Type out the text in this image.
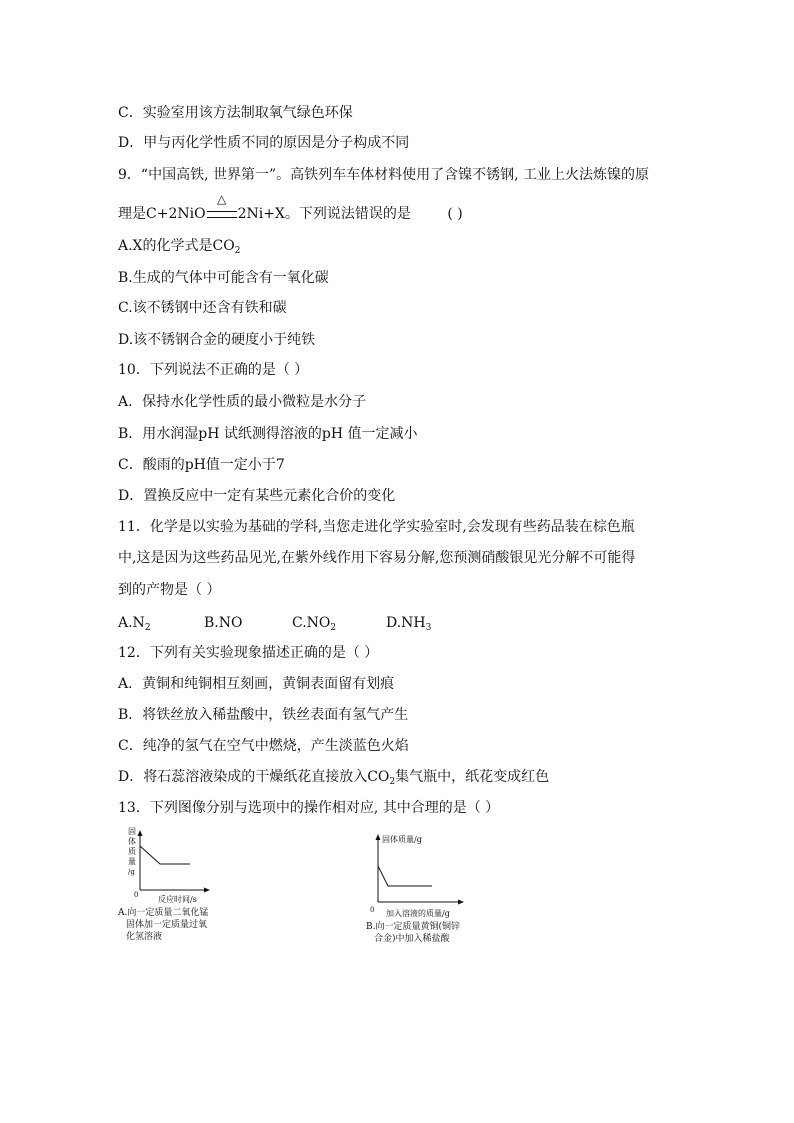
C．实验室用该方法制取氧气绿色环保
D．甲与丙化学性质不同的原因是分子构成不同
9．“中国高铁, 世界第一”。高铁列车车体材料使用了含镍不锈钢, 工业上火法炼镍的原
理是C+2NiO
△
2Ni+X。下列说法错误的是	( )
A.X的化学式是$CO_2$
B.生成的气体中可能含有一氧化碳
C.该不锈钢中还含有铁和碳
D.该不锈钢合金的硬度小于纯铁
10．下列说法不正确的是（ ）
A．保持水化学性质的最小微粒是水分子
B．用水润湿pH 试纸测得溶液的pH 值一定减小
C．酸雨的pH值一定小于7
D．置换反应中一定有某些元素化合价的变化
11．化学是以实验为基础的学科,当您走进化学实验室时,会发现有些药品装在棕色瓶
中,这是因为这些药品见光,在紫外线作用下容易分解,您预测硝酸银见光分解不可能得
到的产物是（ ）
$A.N_2$	B.NO	$C.NO_2$	$D.NH_3$
12．下列有关实验现象描述正确的是（ ）
A．黄铜和纯铜相互刻画，黄铜表面留有划痕
B．将铁丝放入稀盐酸中，铁丝表面有氢气产生
C．纯净的氢气在空气中燃烧，产生淡蓝色火焰
D．将石蕊溶液染成的干燥纸花直接放入$CO_2$集气瓶中，纸花变成红色
13．下列图像分别与选项中的操作相对应, 其中合理的是（ ）
固
体
质
量
/g
0 反应时间/s
A.向一定质量二氧化锰
固体加一定质量过氧
化氢溶液
固体质量/g
0 加入溶液的质量/g
B.向一定质量黄铜(铜锌
合金)中加入稀盐酸
